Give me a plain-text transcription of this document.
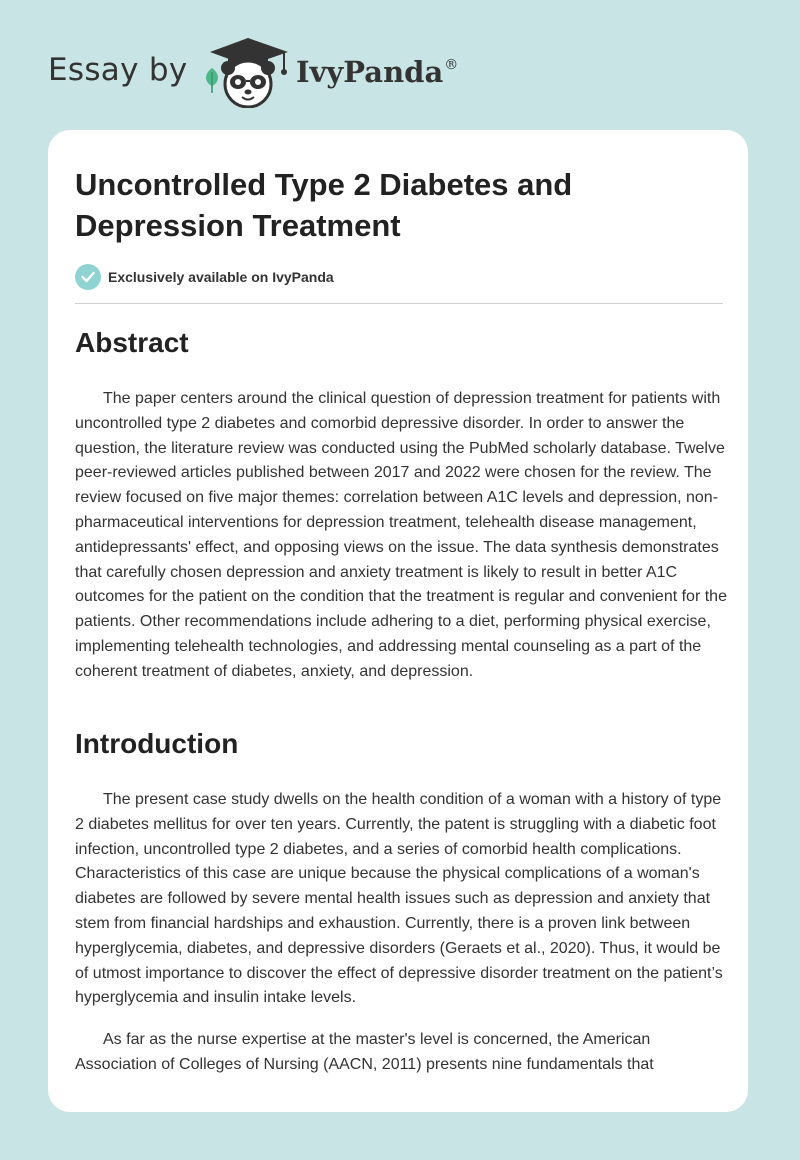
Essay by	IvyPanda®
Uncontrolled Type 2 Diabetes and Depression Treatment
Exclusively available on IvyPanda
Abstract

The paper centers around the clinical question of depression treatment for patients with uncontrolled type 2 diabetes and comorbid depressive disorder. In order to answer the question, the literature review was conducted using the PubMed scholarly database. Twelve peer-reviewed articles published between 2017 and 2022 were chosen for the review. The review focused on five major themes: correlation between A1C levels and depression, non-pharmaceutical interventions for depression treatment, telehealth disease management, antidepressants' effect, and opposing views on the issue. The data synthesis demonstrates that carefully chosen depression and anxiety treatment is likely to result in better A1C outcomes for the patient on the condition that the treatment is regular and convenient for the patients. Other recommendations include adhering to a diet, performing physical exercise, implementing telehealth technologies, and addressing mental counseling as a part of the coherent treatment of diabetes, anxiety, and depression.

Introduction

The present case study dwells on the health condition of a woman with a history of type 2 diabetes mellitus for over ten years. Currently, the patent is struggling with a diabetic foot infection, uncontrolled type 2 diabetes, and a series of comorbid health complications. Characteristics of this case are unique because the physical complications of a woman's diabetes are followed by severe mental health issues such as depression and anxiety that stem from financial hardships and exhaustion. Currently, there is a proven link between hyperglycemia, diabetes, and depressive disorders (Geraets et al., 2020). Thus, it would be of utmost importance to discover the effect of depressive disorder treatment on the patient’s hyperglycemia and insulin intake levels.

As far as the nurse expertise at the master's level is concerned, the American Association of Colleges of Nursing (AACN, 2011) presents nine fundamentals that
